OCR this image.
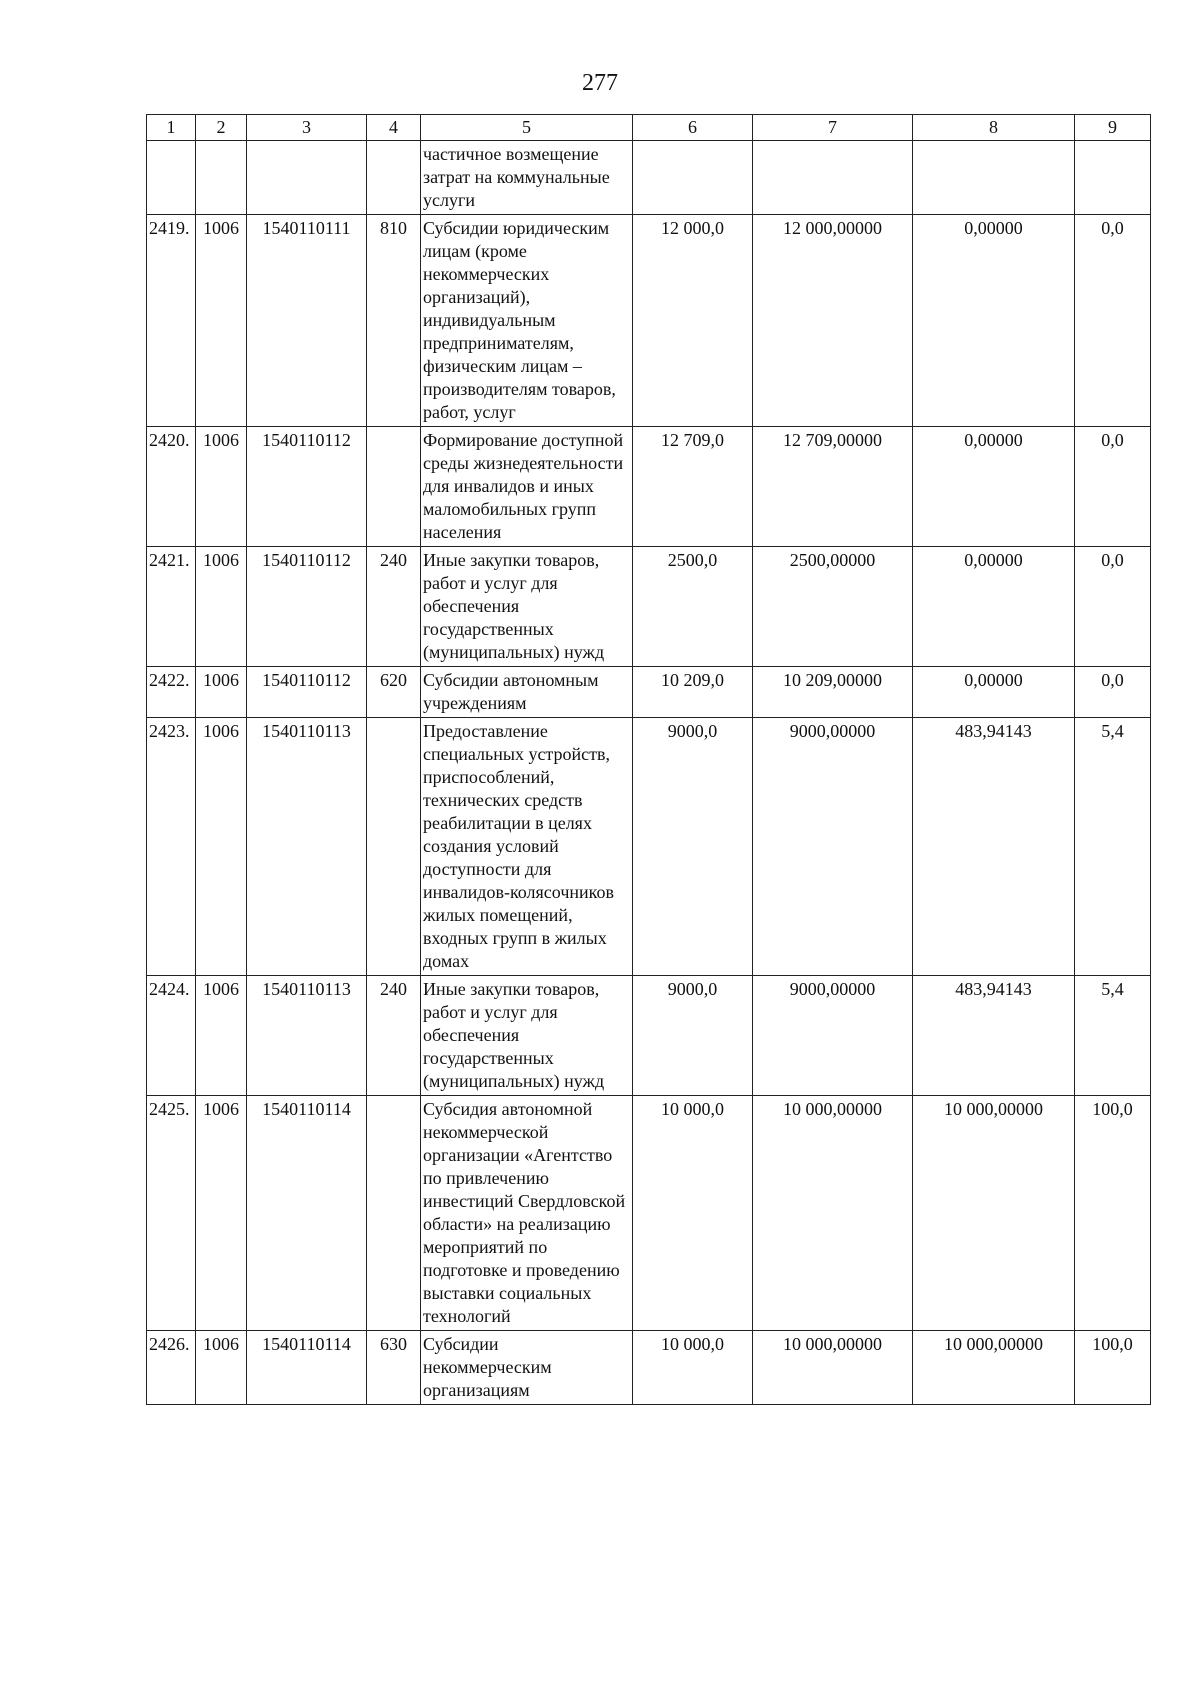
277
1	2	3	4	5	6	7	8	9
				частичное возмещение затрат на коммунальные услуги				
2419.	1006	1540110111	810	Субсидии юридическим лицам (кроме некоммерческих организаций), индивидуальным предпринимателям, физическим лицам – производителям товаров, работ, услуг	12 000,0	12 000,00000	0,00000	0,0
2420.	1006	1540110112		Формирование доступной среды жизнедеятельности для инвалидов и иных маломобильных групп населения	12 709,0	12 709,00000	0,00000	0,0
2421.	1006	1540110112	240	Иные закупки товаров, работ и услуг для обеспечения государственных (муниципальных) нужд	2500,0	2500,00000	0,00000	0,0
2422.	1006	1540110112	620	Субсидии автономным учреждениям	10 209,0	10 209,00000	0,00000	0,0
2423.	1006	1540110113		Предоставление специальных устройств, приспособлений, технических средств реабилитации в целях создания условий доступности для инвалидов-колясочников жилых помещений, входных групп в жилых домах	9000,0	9000,00000	483,94143	5,4
2424.	1006	1540110113	240	Иные закупки товаров, работ и услуг для обеспечения государственных (муниципальных) нужд	9000,0	9000,00000	483,94143	5,4
2425.	1006	1540110114		Субсидия автономной некоммерческой организации «Агентство по привлечению инвестиций Свердловской области» на реализацию мероприятий по подготовке и проведению выставки социальных технологий	10 000,0	10 000,00000	10 000,00000	100,0
2426.	1006	1540110114	630	Субсидии некоммерческим организациям	10 000,0	10 000,00000	10 000,00000	100,0
